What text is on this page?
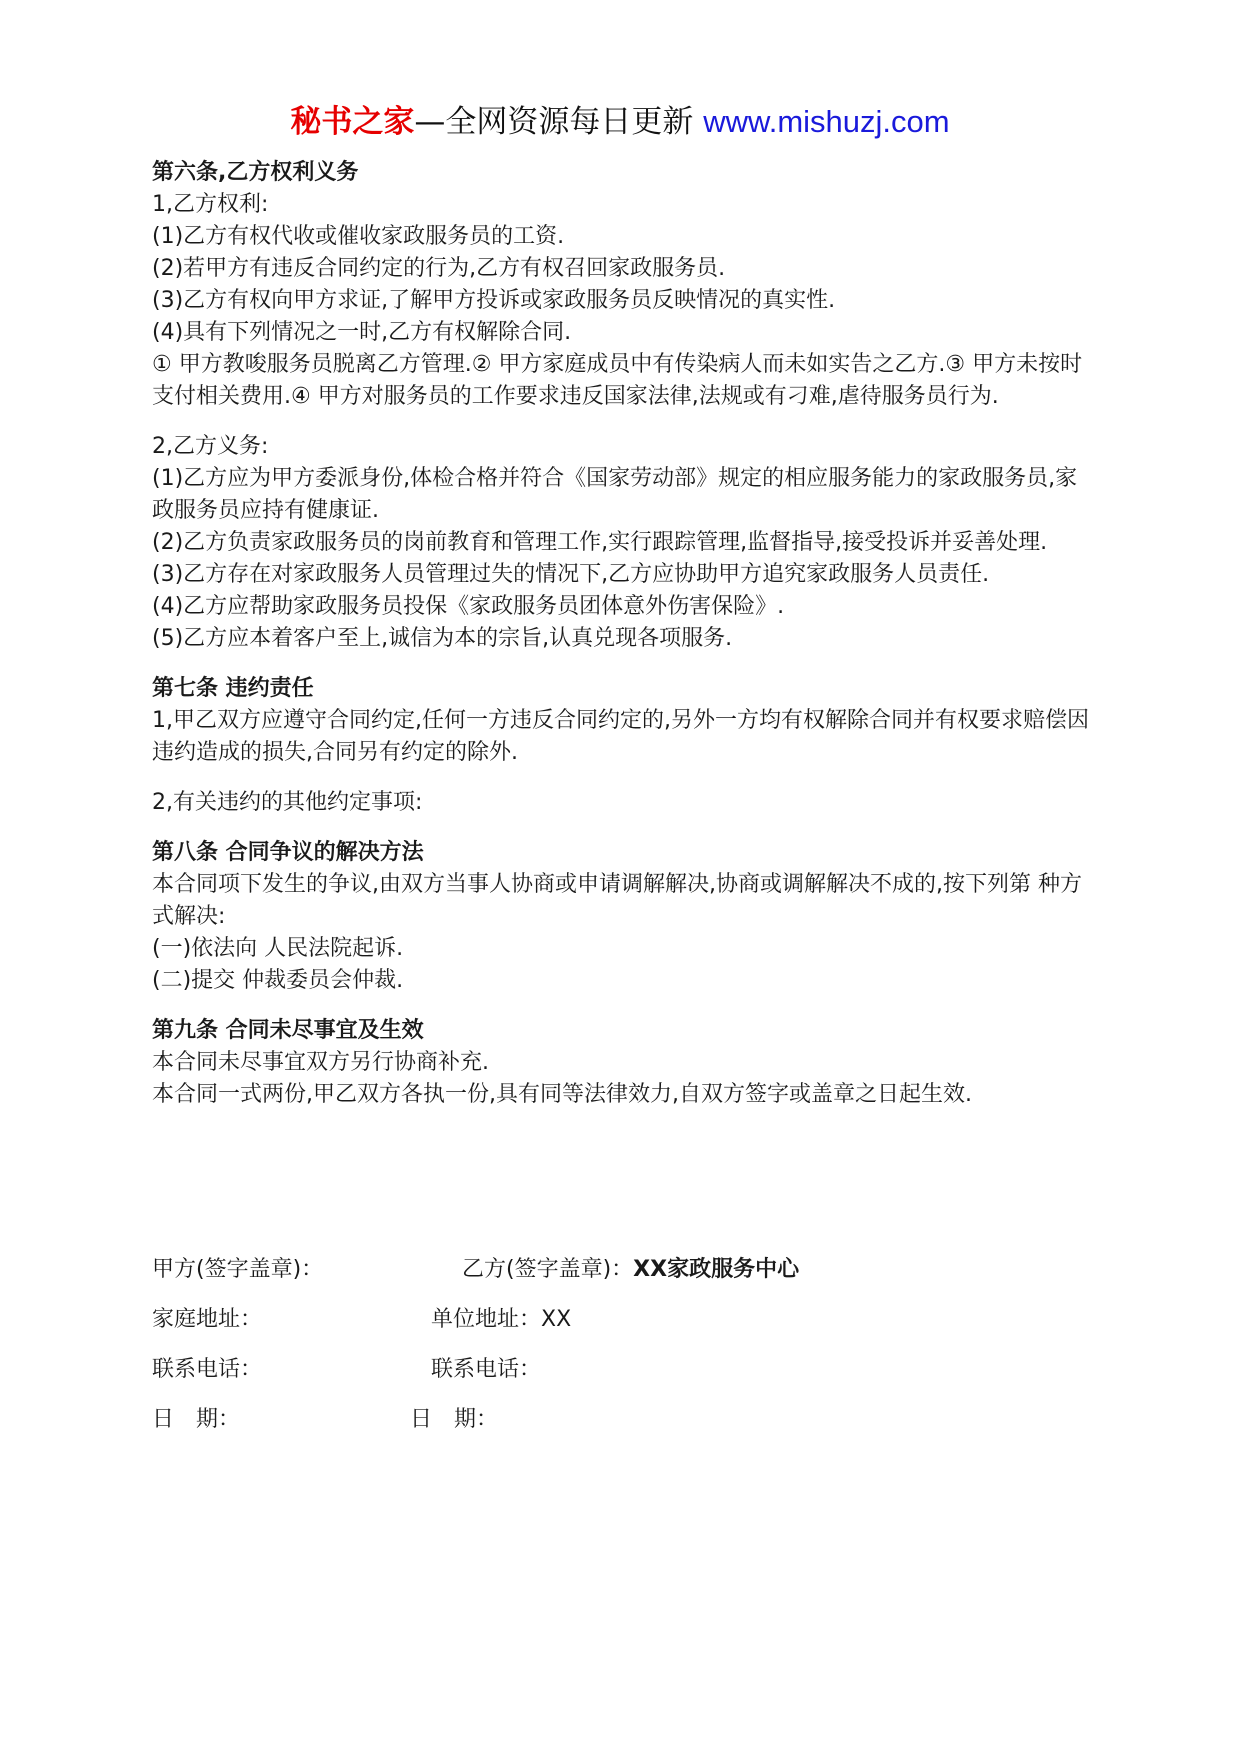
秘书之家—全网资源每日更新 www.mishuzj.com

第六条,乙方权利义务

1,乙方权利:

(1)乙方有权代收或催收家政服务员的工资.

(2)若甲方有违反合同约定的行为,乙方有权召回家政服务员.

(3)乙方有权向甲方求证,了解甲方投诉或家政服务员反映情况的真实性.

(4)具有下列情况之一时,乙方有权解除合同.

① 甲方教唆服务员脱离乙方管理.② 甲方家庭成员中有传染病人而未如实告之乙方.③ 甲方未按时支付相关费用.④ 甲方对服务员的工作要求违反国家法律,法规或有刁难,虐待服务员行为.

2,乙方义务:

(1)乙方应为甲方委派身份,体检合格并符合《国家劳动部》规定的相应服务能力的家政服务员,家政服务员应持有健康证.

(2)乙方负责家政服务员的岗前教育和管理工作,实行跟踪管理,监督指导,接受投诉并妥善处理.

(3)乙方存在对家政服务人员管理过失的情况下,乙方应协助甲方追究家政服务人员责任.

(4)乙方应帮助家政服务员投保《家政服务员团体意外伤害保险》.

(5)乙方应本着客户至上,诚信为本的宗旨,认真兑现各项服务.

第七条 违约责任

1,甲乙双方应遵守合同约定,任何一方违反合同约定的,另外一方均有权解除合同并有权要求赔偿因违约造成的损失,合同另有约定的除外.

2,有关违约的其他约定事项:

第八条 合同争议的解决方法

本合同项下发生的争议,由双方当事人协商或申请调解解决,协商或调解解决不成的,按下列第 种方式解决:

(一)依法向 人民法院起诉.

(二)提交 仲裁委员会仲裁.

第九条 合同未尽事宜及生效

本合同未尽事宜双方另行协商补充.

本合同一式两份,甲乙双方各执一份,具有同等法律效力,自双方签字或盖章之日起生效.

甲方(签字盖章)：	乙方(签字盖章)：XX家政服务中心
家庭地址：	单位地址：XX
联系电话：	联系电话：
日　期：	日　期：
